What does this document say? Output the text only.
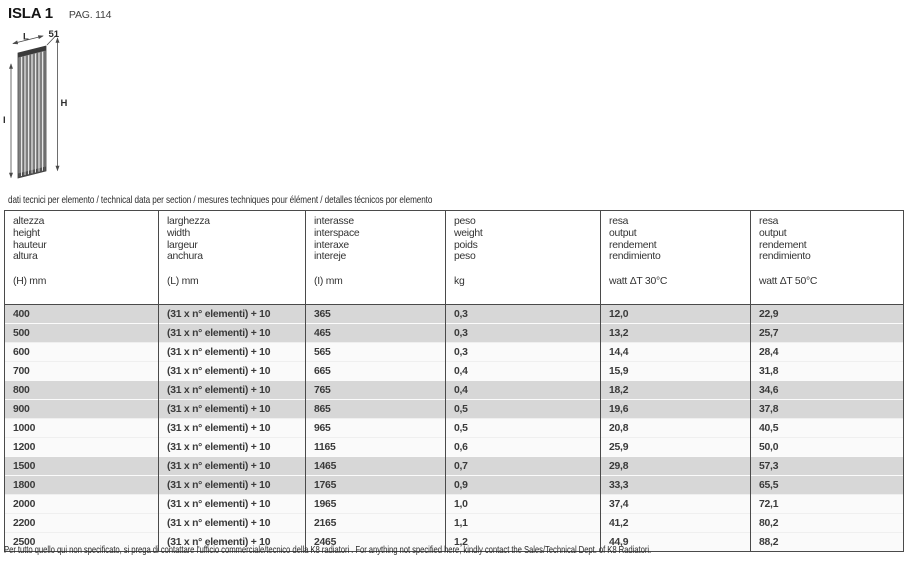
ISLA 1 PAG. 114
L 51
H
I
dati tecnici per elemento / technical data per section / mesures techniques pour élément / detalles técnicos por elemento
altezza
height
hauteur
altura
(H) mm

larghezza
width
largeur
anchura
(L) mm

interasse
interspace
interaxe
intereje
(I) mm

peso
weight
poids
peso
kg

resa
output
rendement
rendimiento
watt ΔT 30°C

resa
output
rendement
rendimiento
watt ΔT 50°C

400	(31 x n° elementi) + 10	365	0,3	12,0	22,9
500	(31 x n° elementi) + 10	465	0,3	13,2	25,7
600	(31 x n° elementi) + 10	565	0,3	14,4	28,4
700	(31 x n° elementi) + 10	665	0,4	15,9	31,8
800	(31 x n° elementi) + 10	765	0,4	18,2	34,6
900	(31 x n° elementi) + 10	865	0,5	19,6	37,8
1000	(31 x n° elementi) + 10	965	0,5	20,8	40,5
1200	(31 x n° elementi) + 10	1165	0,6	25,9	50,0
1500	(31 x n° elementi) + 10	1465	0,7	29,8	57,3
1800	(31 x n° elementi) + 10	1765	0,9	33,3	65,5
2000	(31 x n° elementi) + 10	1965	1,0	37,4	72,1
2200	(31 x n° elementi) + 10	2165	1,1	41,2	80,2
2500	(31 x n° elementi) + 10	2465	1,2	44,9	88,2
Per tutto quello qui non specificato, si prega di contattare l'ufficio commerciale/tecnico della K8 radiatori . For anything not specified here, kindly contact the Sales/Technical Dept. of K8 Radiatori.
